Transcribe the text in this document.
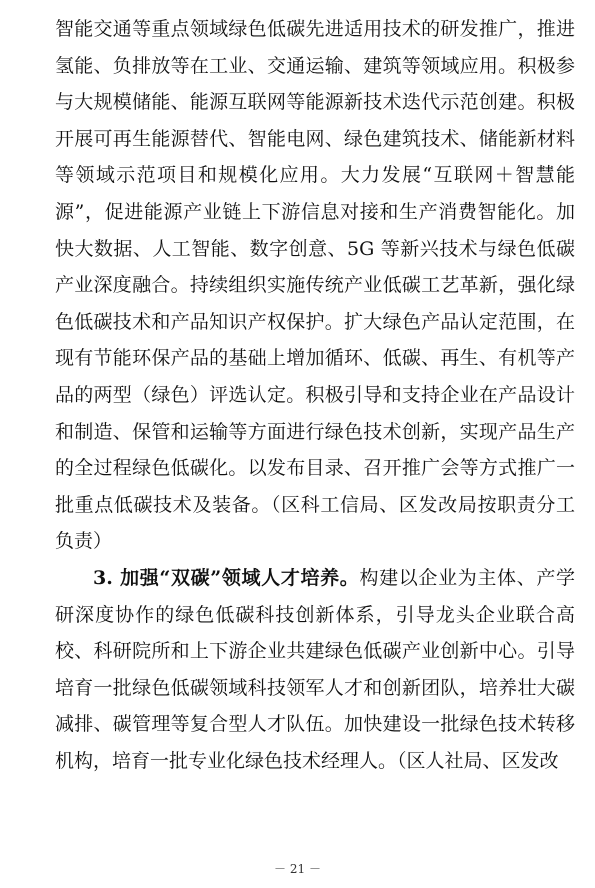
智能交通等重点领域绿色低碳先进适用技术的研发推广，推进
氢能、负排放等在工业、交通运输、建筑等领域应用。积极参
与大规模储能、能源互联网等能源新技术迭代示范创建。积极
开展可再生能源替代、智能电网、绿色建筑技术、储能新材料
等领域示范项目和规模化应用。大力发展“互联网＋智慧能
源”，促进能源产业链上下游信息对接和生产消费智能化。加
快大数据、人工智能、数字创意、5G 等新兴技术与绿色低碳
产业深度融合。持续组织实施传统产业低碳工艺革新，强化绿
色低碳技术和产品知识产权保护。扩大绿色产品认定范围，在
现有节能环保产品的基础上增加循环、低碳、再生、有机等产
品的两型（绿色）评选认定。积极引导和支持企业在产品设计
和制造、保管和运输等方面进行绿色技术创新，实现产品生产
的全过程绿色低碳化。以发布目录、召开推广会等方式推广一
批重点低碳技术及装备。（区科工信局、区发改局按职责分工
负责）
3. 加强“双碳”领域人才培养。构建以企业为主体、产学
研深度协作的绿色低碳科技创新体系，引导龙头企业联合高
校、科研院所和上下游企业共建绿色低碳产业创新中心。引导
培育一批绿色低碳领域科技领军人才和创新团队，培养壮大碳
减排、碳管理等复合型人才队伍。加快建设一批绿色技术转移
机构，培育一批专业化绿色技术经理人。（区人社局、区发改
－ 21 －
